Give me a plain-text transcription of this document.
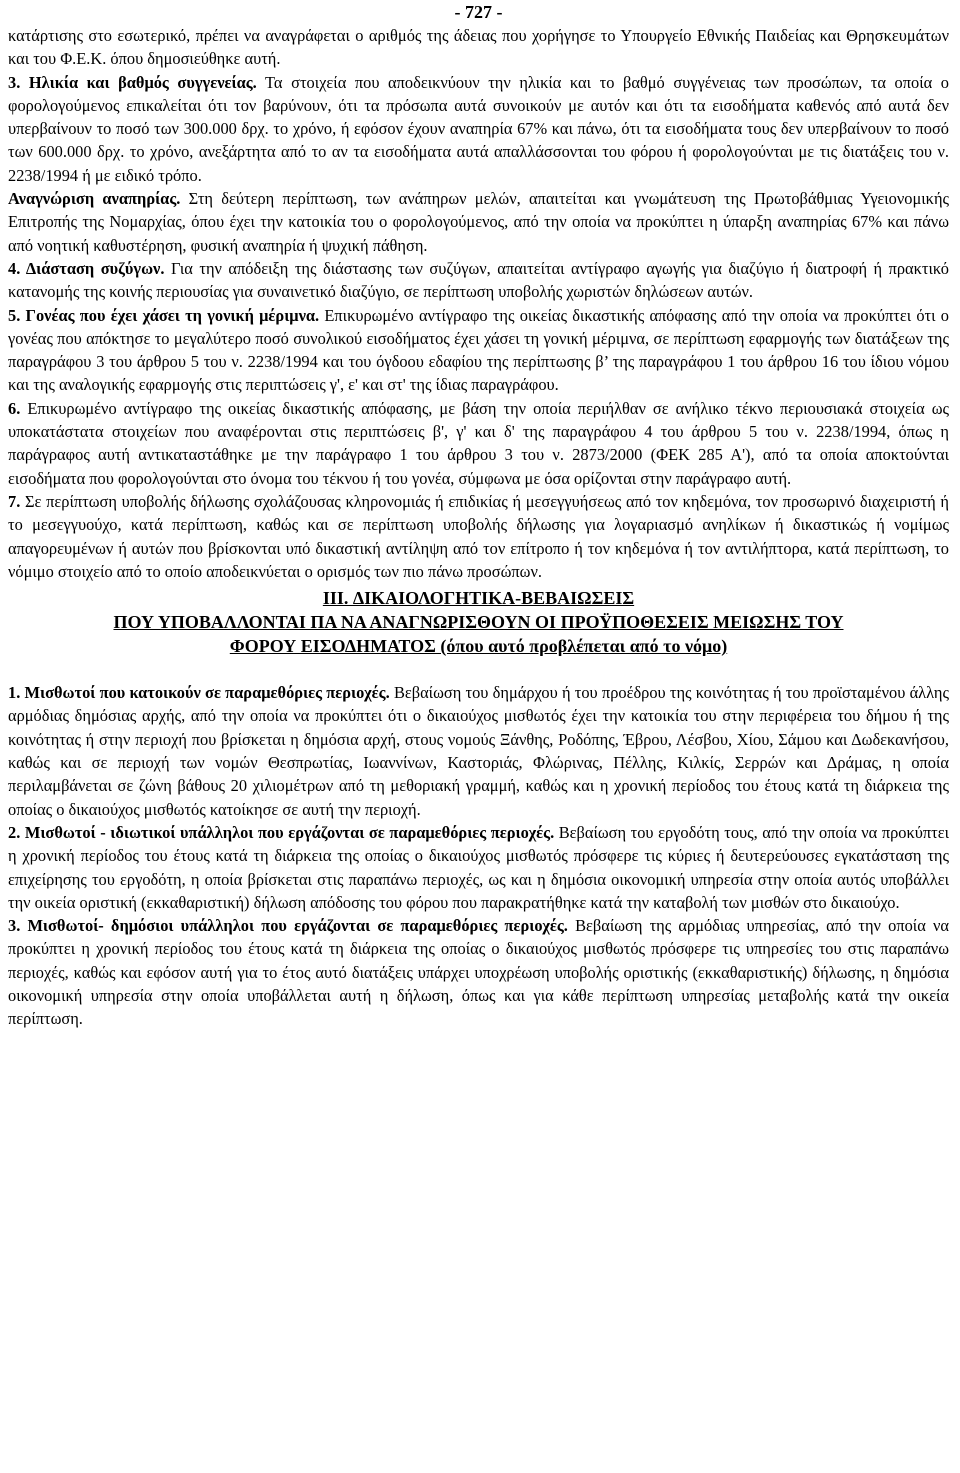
- 727 -

κατάρτισης στο εσωτερικό, πρέπει να αναγράφεται ο αριθμός της άδειας που χορήγησε το Υπουργείο Εθνικής Παιδείας και Θρησκευμάτων και του Φ.Ε.Κ. όπου δημοσιεύθηκε αυτή.

3. Ηλικία και βαθμός συγγενείας. Τα στοιχεία που αποδεικνύουν την ηλικία και το βαθμό συγγένειας των προσώπων, τα οποία ο φορολογούμενος επικαλείται ότι τον βαρύνουν, ότι τα πρόσωπα αυτά συνοικούν με αυτόν και ότι τα εισοδήματα καθενός από αυτά δεν υπερβαίνουν το ποσό των 300.000 δρχ. το χρόνο, ή εφόσον έχουν αναπηρία 67% και πάνω, ότι τα εισοδήματα τους δεν υπερβαίνουν το ποσό των 600.000 δρχ. το χρόνο, ανεξάρτητα από το αν τα εισοδήματα αυτά απαλλάσσονται του φόρου ή φορολογούνται με τις διατάξεις του ν. 2238/1994 ή με ειδικό τρόπο.

Αναγνώριση αναπηρίας. Στη δεύτερη περίπτωση, των ανάπηρων μελών, απαιτείται και γνωμάτευση της Πρωτοβάθμιας Υγειονομικής Επιτροπής της Νομαρχίας, όπου έχει την κατοικία του ο φορολογούμενος, από την οποία να προκύπτει η ύπαρξη αναπηρίας 67% και πάνω από νοητική καθυστέρηση, φυσική αναπηρία ή ψυχική πάθηση.

4. Διάσταση συζύγων. Για την απόδειξη της διάστασης των συζύγων, απαιτείται αντίγραφο αγωγής για διαζύγιο ή διατροφή ή πρακτικό κατανομής της κοινής περιουσίας για συναινετικό διαζύγιο, σε περίπτωση υποβολής χωριστών δηλώσεων αυτών.

5. Γονέας που έχει χάσει τη γονική μέριμνα. Επικυρωμένο αντίγραφο της οικείας δικαστικής απόφασης από την οποία να προκύπτει ότι ο γονέας που απόκτησε το μεγαλύτερο ποσό συνολικού εισοδήματος έχει χάσει τη γονική μέριμνα, σε περίπτωση εφαρμογής των διατάξεων της παραγράφου 3 του άρθρου 5 του ν. 2238/1994 και του όγδοου εδαφίου της περίπτωσης β’ της παραγράφου 1 του άρθρου 16 του ίδιου νόμου και της αναλογικής εφαρμογής στις περιπτώσεις γ', ε' και στ' της ίδιας παραγράφου.

6. Επικυρωμένο αντίγραφο της οικείας δικαστικής απόφασης, με βάση την οποία περιήλθαν σε ανήλικο τέκνο περιουσιακά στοιχεία ως υποκατάστατα στοιχείων που αναφέρονται στις περιπτώσεις β', γ' και δ' της παραγράφου 4 του άρθρου 5 του ν. 2238/1994, όπως η παράγραφος αυτή αντικαταστάθηκε με την παράγραφο 1 του άρθρου 3 του ν. 2873/2000 (ΦΕΚ 285 Α'), από τα οποία αποκτούνται εισοδήματα που φορολογούνται στο όνομα του τέκνου ή του γονέα, σύμφωνα με όσα ορίζονται στην παράγραφο αυτή.

7. Σε περίπτωση υποβολής δήλωσης σχολάζουσας κληρονομιάς ή επιδικίας ή μεσεγγυήσεως από τον κηδεμόνα, τον προσωρινό διαχειριστή ή το μεσεγγυούχο, κατά περίπτωση, καθώς και σε περίπτωση υποβολής δήλωσης για λογαριασμό ανηλίκων ή δικαστικώς ή νομίμως απαγορευμένων ή αυτών που βρίσκονται υπό δικαστική αντίληψη από τον επίτροπο ή τον κηδεμόνα ή τον αντιλήπτορα, κατά περίπτωση, το νόμιμο στοιχείο από το οποίο αποδεικνύεται ο ορισμός των πιο πάνω προσώπων.

III. ΔΙΚΑΙΟΛΟΓΗΤΙΚΑ-ΒΕΒΑΙΩΣΕΙΣ
ΠΟΥ ΥΠΟΒΑΛΛΟΝΤΑΙ ΠΑ ΝΑ ΑΝΑΓΝΩΡΙΣΘΟΥΝ ΟΙ ΠΡΟΫΠΟΘΕΣΕΙΣ ΜΕΙΩΣΗΣ ΤΟΥ
ΦΟΡΟΥ ΕΙΣΟΔΗΜΑΤΟΣ (όπου αυτό προβλέπεται από το νόμο)

1. Μισθωτοί που κατοικούν σε παραμεθόριες περιοχές. Βεβαίωση του δημάρχου ή του προέδρου της κοινότητας ή του προϊσταμένου άλλης αρμόδιας δημόσιας αρχής, από την οποία να προκύπτει ότι ο δικαιούχος μισθωτός έχει την κατοικία του στην περιφέρεια του δήμου ή της κοινότητας ή στην περιοχή που βρίσκεται η δημόσια αρχή, στους νομούς Ξάνθης, Ροδόπης, Έβρου, Λέσβου, Χίου, Σάμου και Δωδεκανήσου, καθώς και σε περιοχή των νομών Θεσπρωτίας, Ιωαννίνων, Καστοριάς, Φλώρινας, Πέλλης, Κιλκίς, Σερρών και Δράμας, η οποία περιλαμβάνεται σε ζώνη βάθους 20 χιλιομέτρων από τη μεθοριακή γραμμή, καθώς και η χρονική περίοδος του έτους κατά τη διάρκεια της οποίας ο δικαιούχος μισθωτός κατοίκησε σε αυτή την περιοχή.

2. Μισθωτοί - ιδιωτικοί υπάλληλοι που εργάζονται σε παραμεθόριες περιοχές. Βεβαίωση του εργοδότη τους, από την οποία να προκύπτει η χρονική περίοδος του έτους κατά τη διάρκεια της οποίας ο δικαιούχος μισθωτός πρόσφερε τις κύριες ή δευτερεύουσες εγκατάσταση της επιχείρησης του εργοδότη, η οποία βρίσκεται στις παραπάνω περιοχές, ως και η δημόσια οικονομική υπηρεσία στην οποία αυτός υποβάλλει την οικεία οριστική (εκκαθαριστική) δήλωση απόδοσης του φόρου που παρακρατήθηκε κατά την καταβολή των μισθών στο δικαιούχο.

3. Μισθωτοί- δημόσιοι υπάλληλοι που εργάζονται σε παραμεθόριες περιοχές. Βεβαίωση της αρμόδιας υπηρεσίας, από την οποία να προκύπτει η χρονική περίοδος του έτους κατά τη διάρκεια της οποίας ο δικαιούχος μισθωτός πρόσφερε τις υπηρεσίες του στις παραπάνω περιοχές, καθώς και εφόσον αυτή για το έτος αυτό διατάξεις υπάρχει υποχρέωση υποβολής οριστικής (εκκαθαριστικής) δήλωσης, η δημόσια οικονομική υπηρεσία στην οποία υποβάλλεται αυτή η δήλωση, όπως και για κάθε περίπτωση υπηρεσίας μεταβολής κατά την οικεία περίπτωση.
